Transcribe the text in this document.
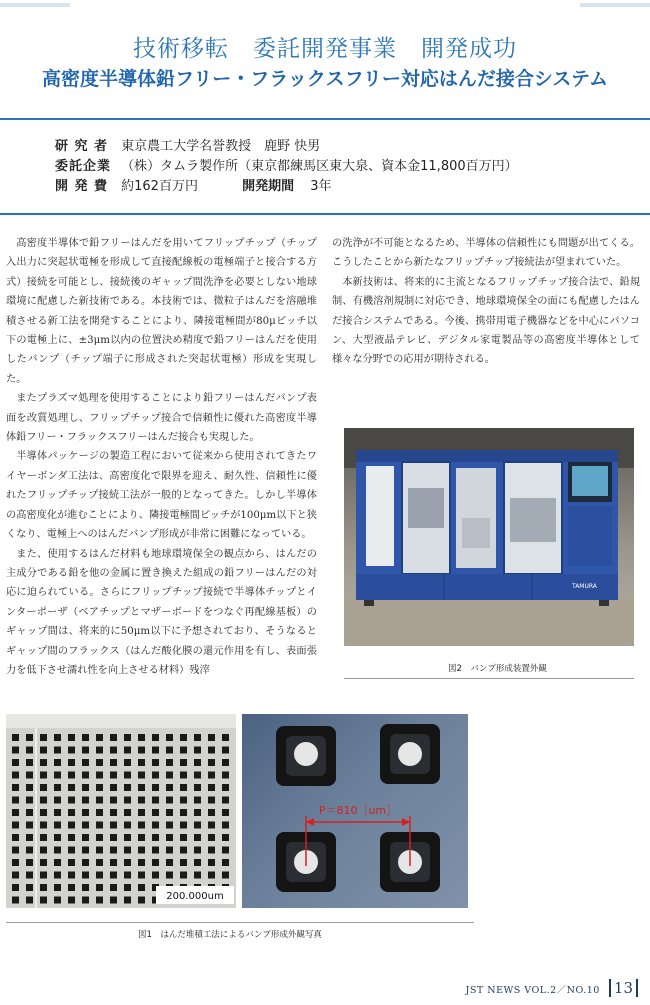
技術移転　委託開発事業　開発成功
高密度半導体鉛フリー・フラックスフリー対応はんだ接合システム
研 究 者 東京農工大学名誉教授　鹿野 快男
委託企業 （株）タムラ製作所（東京都練馬区東大泉、資本金11,800百万円）
開 発 費 約162百万円	開発期間 3年

高密度半導体で鉛フリーはんだを用いてフリップチップ（チップ入出力に突起状電極を形成して直接配線板の電極端子と接合する方式）接続を可能とし、接続後のギャップ間洗浄を必要としない地球環境に配慮した新技術である。本技術では、微粒子はんだを溶融堆積させる新工法を開発することにより、隣接電極間が80μピッチ以下の電極上に、±3μm以内の位置決め精度で鉛フリーはんだを使用したバンプ（チップ端子に形成された突起状電極）形成を実現した。

またプラズマ処理を使用することにより鉛フリーはんだバンプ表面を改質処理し、フリップチップ接合で信頼性に優れた高密度半導体鉛フリー・フラックスフリーはんだ接合も実現した。

半導体パッケージの製造工程において従来から使用されてきたワイヤーボンダ工法は、高密度化で限界を迎え、耐久性、信頼性に優れたフリップチップ接続工法が一般的となってきた。しかし半導体の高密度化が進むことにより、隣接電極間ピッチが100μm以下と狭くなり、電極上へのはんだバンプ形成が非常に困難になっている。

また、使用するはんだ材料も地球環境保全の観点から、はんだの主成分である鉛を他の金属に置き換えた組成の鉛フリーはんだの対応に迫られている。さらにフリップチップ接続で半導体チップとインターポーザ（ベアチップとマザーボードをつなぐ再配線基板）のギャップ間は、将来的に50μm以下に予想されており、そうなるとギャップ間のフラックス（はんだ酸化膜の還元作用を有し、表面張力を低下させ濡れ性を向上させる材料）残滓

の洗浄が不可能となるため、半導体の信頼性にも問題が出てくる。こうしたことから新たなフリップチップ接続法が望まれていた。

本新技術は、将来的に主流となるフリップチップ接合法で、鉛規制、有機溶剤規制に対応でき、地球環境保全の面にも配慮したはんだ接合システムである。今後、携帯用電子機器などを中心にパソコン、大型液晶テレビ、デジタル家電製品等の高密度半導体として様々な分野での応用が期待される。

TAMURA
図2　バンプ形成装置外観
200.000um
P＝810［um］
図1　はんだ堆積工法によるバンプ形成外観写真
JST NEWS VOL.2／NO.10 13
